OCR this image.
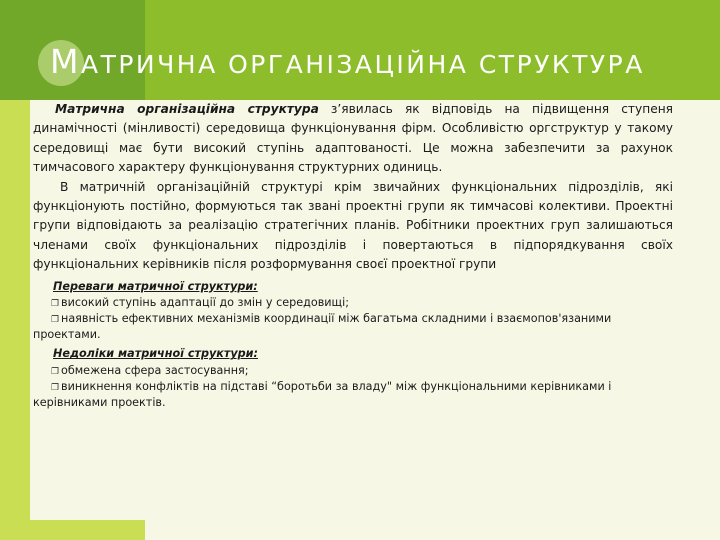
МАТРИЧНА ОРГАНІЗАЦІЙНА СТРУКТУРА

Матрична організаційна структура з’явилась як відповідь на підвищення ступеня динамічності (мінливості) середовища функціонування фірм. Особливістю оргструктур у такому середовищі має бути високий ступінь адаптованості. Це можна забезпечити за рахунок тимчасового характеру функціонування структурних одиниць.

В матричній організаційній структурі крім звичайних функціональних підрозділів, які функціонують постійно, формуються так звані проектні групи як тимчасові колективи. Проектні групи відповідають за реалізацію стратегічних планів. Робітники проектних груп залишаються членами своїх функціональних підрозділів і повертаються в підпорядкування своїх функціональних керівників після розформування своєї проектної групи

Переваги матричної структури:

❐ високий ступінь адаптації до змін у середовищі;

❐ наявність ефективних механізмів координації між багатьма складними і взаємопов'язаними проектами.

Недоліки матричної структури:

❐ обмежена сфера застосування;

❐ виникнення конфліктів на підставі “боротьби за владу" між функціональними керівниками і керівниками проектів.
